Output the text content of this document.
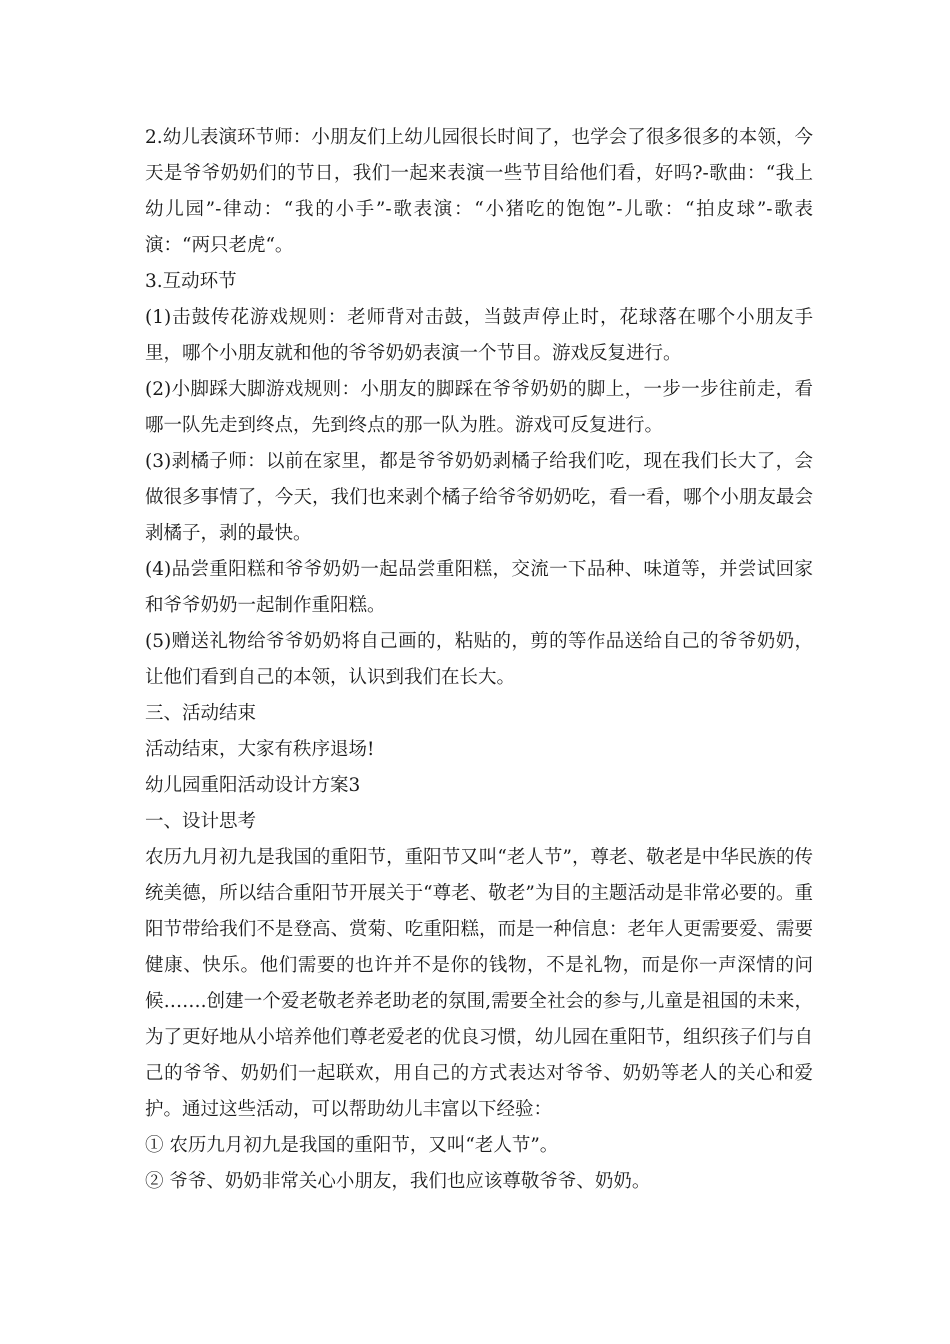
2.幼儿表演环节师：小朋友们上幼儿园很长时间了，也学会了很多很多的本领，今天是爷爷奶奶们的节日，我们一起来表演一些节目给他们看，好吗?-歌曲：“我上幼儿园”-律动：“我的小手”-歌表演：“小猪吃的饱饱”-儿歌：“拍皮球”-歌表演：“两只老虎“。

3.互动环节

(1)击鼓传花游戏规则：老师背对击鼓，当鼓声停止时，花球落在哪个小朋友手里，哪个小朋友就和他的爷爷奶奶表演一个节目。游戏反复进行。

(2)小脚踩大脚游戏规则：小朋友的脚踩在爷爷奶奶的脚上，一步一步往前走，看哪一队先走到终点，先到终点的那一队为胜。游戏可反复进行。

(3)剥橘子师：以前在家里，都是爷爷奶奶剥橘子给我们吃，现在我们长大了，会做很多事情了，今天，我们也来剥个橘子给爷爷奶奶吃，看一看，哪个小朋友最会剥橘子，剥的最快。

(4)品尝重阳糕和爷爷奶奶一起品尝重阳糕，交流一下品种、味道等，并尝试回家和爷爷奶奶一起制作重阳糕。

(5)赠送礼物给爷爷奶奶将自己画的，粘贴的，剪的等作品送给自己的爷爷奶奶，让他们看到自己的本领，认识到我们在长大。

三、活动结束

活动结束，大家有秩序退场!

幼儿园重阳活动设计方案3

一、设计思考

农历九月初九是我国的重阳节，重阳节又叫“老人节”，尊老、敬老是中华民族的传统美德，所以结合重阳节开展关于“尊老、敬老”为目的主题活动是非常必要的。重阳节带给我们不是登高、赏菊、吃重阳糕，而是一种信息：老年人更需要爱、需要健康、快乐。他们需要的也许并不是你的钱物，不是礼物，而是你一声深情的问候…….创建一个爱老敬老养老助老的氛围,需要全社会的参与,儿童是祖国的未来，为了更好地从小培养他们尊老爱老的优良习惯，幼儿园在重阳节，组织孩子们与自己的爷爷、奶奶们一起联欢，用自己的方式表达对爷爷、奶奶等老人的关心和爱护。通过这些活动，可以帮助幼儿丰富以下经验：

① 农历九月初九是我国的重阳节，又叫“老人节”。

② 爷爷、奶奶非常关心小朋友，我们也应该尊敬爷爷、奶奶。
